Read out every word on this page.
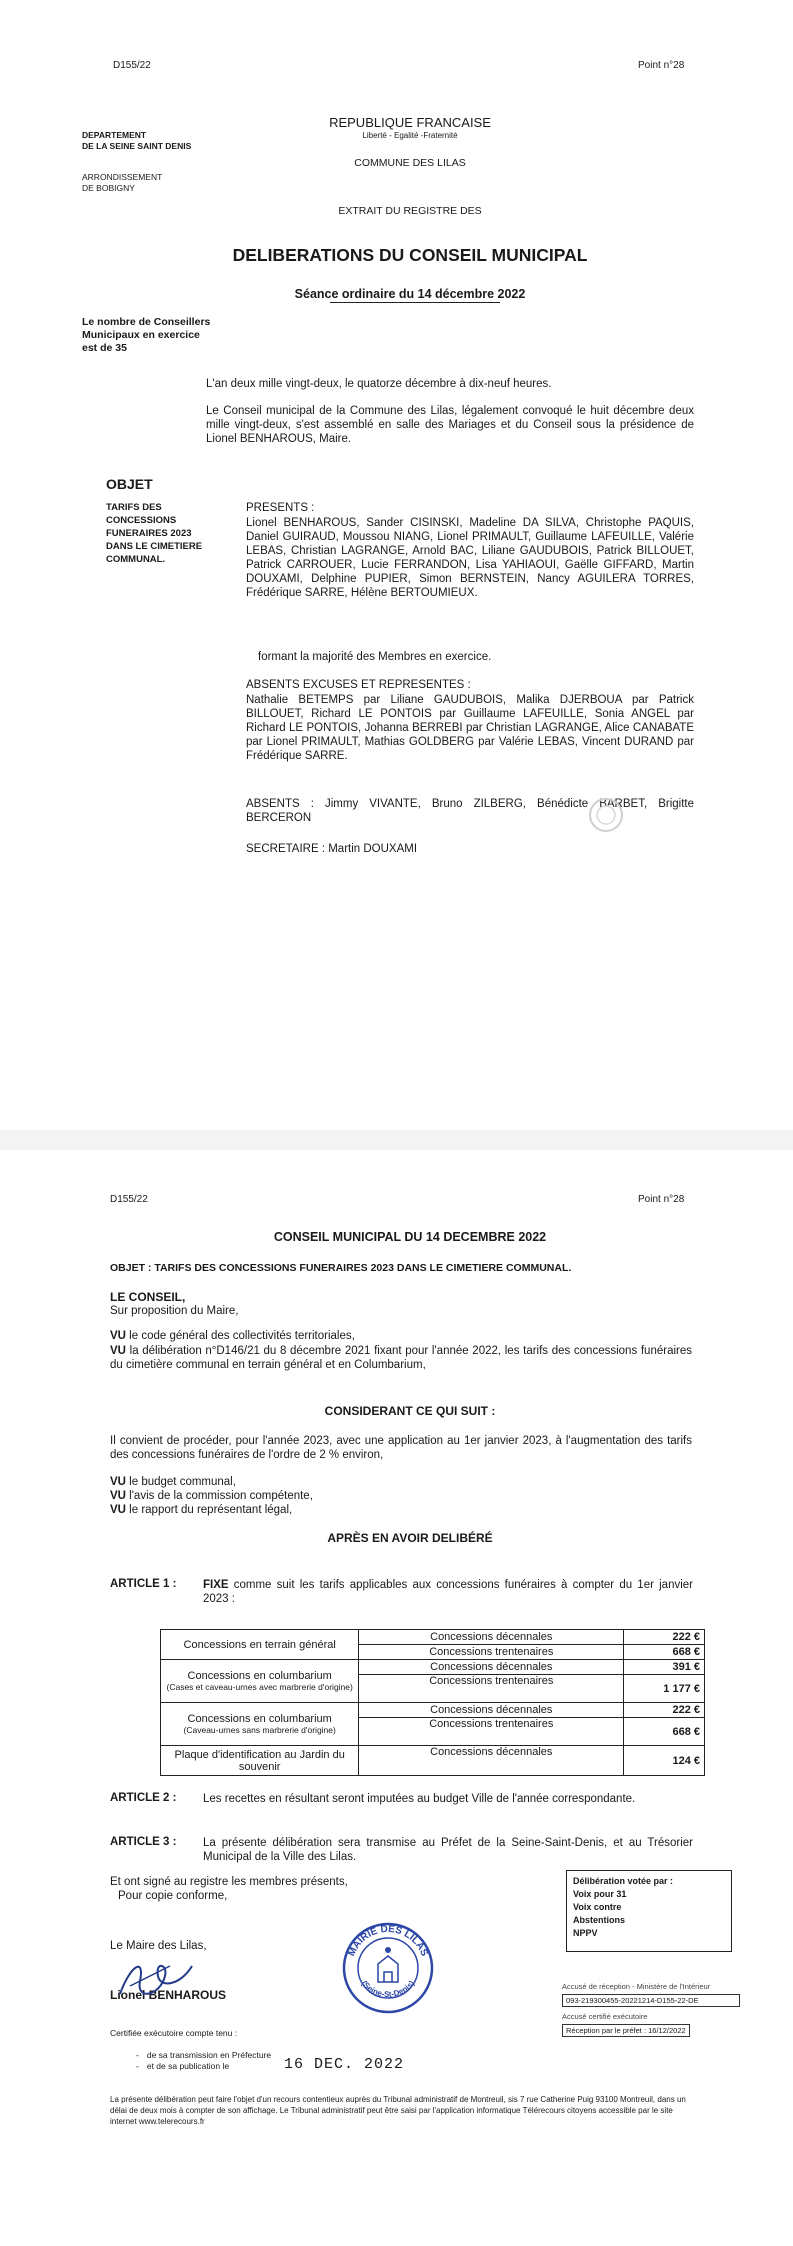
D155/22	Point n°28
DEPARTEMENT
DE LA SEINE SAINT DENIS
ARRONDISSEMENT
DE BOBIGNY
REPUBLIQUE FRANCAISE
Liberté - Egalité -Fraternité
COMMUNE DES LILAS
EXTRAIT DU REGISTRE DES
DELIBERATIONS DU CONSEIL MUNICIPAL
Séance ordinaire du 14 décembre 2022
Le nombre de Conseillers
Municipaux en exercice
est de 35
L'an deux mille vingt-deux, le quatorze décembre à dix-neuf heures.
Le Conseil municipal de la Commune des Lilas, légalement convoqué le huit décembre deux mille vingt-deux, s'est assemblé en salle des Mariages et du Conseil sous la présidence de Lionel BENHAROUS, Maire.
OBJET
TARIFS DES
CONCESSIONS
FUNERAIRES 2023
DANS LE CIMETIERE
COMMUNAL.
PRESENTS :
Lionel BENHAROUS, Sander CISINSKI, Madeline DA SILVA, Christophe PAQUIS, Daniel GUIRAUD, Moussou NIANG, Lionel PRIMAULT, Guillaume LAFEUILLE, Valérie LEBAS, Christian LAGRANGE, Arnold BAC, Liliane GAUDUBOIS, Patrick BILLOUET, Patrick CARROUER, Lucie FERRANDON, Lisa YAHIAOUI, Gaëlle GIFFARD, Martin DOUXAMI, Delphine PUPIER, Simon BERNSTEIN, Nancy AGUILERA TORRES, Frédérique SARRE, Hélène BERTOUMIEUX.
formant la majorité des Membres en exercice.
ABSENTS EXCUSES ET REPRESENTES :
Nathalie BETEMPS par Liliane GAUDUBOIS, Malika DJERBOUA par Patrick BILLOUET, Richard LE PONTOIS par Guillaume LAFEUILLE, Sonia ANGEL par Richard LE PONTOIS, Johanna BERREBI par Christian LAGRANGE, Alice CANABATE par Lionel PRIMAULT, Mathias GOLDBERG par Valérie LEBAS, Vincent DURAND par Frédérique SARRE.
ABSENTS : Jimmy VIVANTE, Bruno ZILBERG, Bénédicte BARBET, Brigitte BERCERON
SECRETAIRE : Martin DOUXAMI
D155/22	Point n°28
CONSEIL MUNICIPAL DU 14 DECEMBRE 2022
OBJET : TARIFS DES CONCESSIONS FUNERAIRES 2023 DANS LE CIMETIERE COMMUNAL.
LE CONSEIL,
Sur proposition du Maire,
VU le code général des collectivités territoriales,
VU la délibération n°D146/21 du 8 décembre 2021 fixant pour l'année 2022, les tarifs des concessions funéraires du cimetière communal en terrain général et en Columbarium,
CONSIDERANT CE QUI SUIT :
Il convient de procéder, pour l'année 2023, avec une application au 1er janvier 2023, à l'augmentation des tarifs des concessions funéraires de l'ordre de 2 % environ,
VU le budget communal,
VU l'avis de la commission compétente,
VU le rapport du représentant légal,
APRÈS EN AVOIR DELIBÉRÉ
ARTICLE 1 : FIXE comme suit les tarifs applicables aux concessions funéraires à compter du 1er janvier 2023 :
Concessions en terrain général	Concessions décennales	222 €
	Concessions trentenaires	668 €
Concessions en columbarium
(Cases et caveau-urnes avec marbrerie d'origine)	Concessions décennales	391 €
	Concessions trentenaires	1 177 €
Concessions en columbarium
(Caveau-urnes sans marbrerie d'origine)	Concessions décennales	222 €
	Concessions trentenaires	668 €
Plaque d'identification au Jardin du souvenir	Concessions décennales	124 €
ARTICLE 2 : Les recettes en résultant seront imputées au budget Ville de l'année correspondante.
ARTICLE 3 : La présente délibération sera transmise au Préfet de la Seine-Saint-Denis, et au Trésorier Municipal de la Ville des Lilas.
Et ont signé au registre les membres présents,
Pour copie conforme,
Le Maire des Lilas,
Lionel BENHAROUS
MAIRIE DES LILAS
(Seine-St-Denis)
Délibération votée par :
Voix pour 31
Voix contre
Abstentions
NPPV
Accusé de réception - Ministère de l'Intérieur
093-219300455-20221214-D155-22-DE
Accusé certifié exécutoire
Réception par le préfet : 16/12/2022
Certifiée exécutoire compte tenu :
- de sa transmission en Préfecture
- et de sa publication le	16 DEC. 2022
La présente délibération peut faire l'objet d'un recours contentieux auprès du Tribunal administratif de Montreuil, sis 7 rue Catherine Puig 93100 Montreuil, dans un délai de deux mois à compter de son affichage. Le Tribunal administratif peut être saisi par l'application informatique Télérecours citoyens accessible par le site internet www.telerecours.fr
